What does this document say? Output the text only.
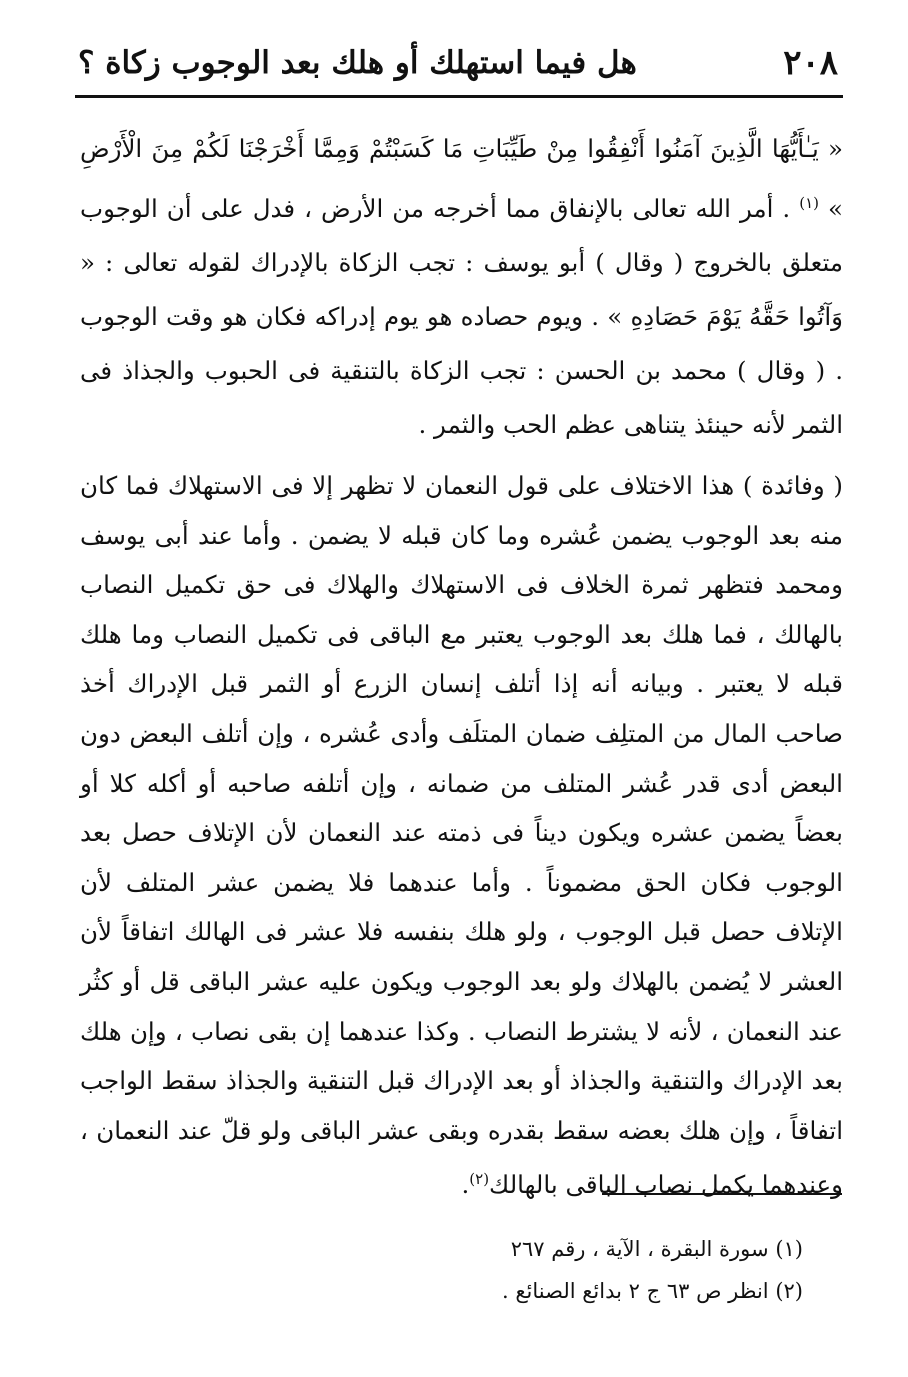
٢٠٨
هل فيما استهلك أو هلك بعد الوجوب زكاة ؟

« يَـٰأَيُّهَا الَّذِينَ آمَنُوا أَنْفِقُوا مِنْ طَيِّبَاتِ مَا كَسَبْتُمْ وَمِمَّا أَخْرَجْنَا لَكُمْ مِنَ الْأَرْضِ » $^{(١)}$ . أمر الله تعالى بالإنفاق مما أخرجه من الأرض ، فدل على أن الوجوب متعلق بالخروج ( وقال ) أبو يوسف : تجب الزكاة بالإدراك لقوله تعالى : « وَآتُوا حَقَّهُ يَوْمَ حَصَادِهِ » . ويوم حصاده هو يوم إدراكه فكان هو وقت الوجوب . ( وقال ) محمد بن الحسن : تجب الزكاة بالتنقية فى الحبوب والجذاذ فى الثمر لأنه حينئذ يتناهى عظم الحب والثمر .

( وفائدة ) هذا الاختلاف على قول النعمان لا تظهر إلا فى الاستهلاك فما كان منه بعد الوجوب يضمن عُشره وما كان قبله لا يضمن . وأما عند أبى يوسف ومحمد فتظهر ثمرة الخلاف فى الاستهلاك والهلاك فى حق تكميل النصاب بالهالك ، فما هلك بعد الوجوب يعتبر مع الباقى فى تكميل النصاب وما هلك قبله لا يعتبر . وبيانه أنه إذا أتلف إنسان الزرع أو الثمر قبل الإدراك أخذ صاحب المال من المتلِف ضمان المتلَف وأدى عُشره ، وإن أتلف البعض دون البعض أدى قدر عُشر المتلف من ضمانه ، وإن أتلفه صاحبه أو أكله كلا أو بعضاً يضمن عشره ويكون ديناً فى ذمته عند النعمان لأن الإتلاف حصل بعد الوجوب فكان الحق مضموناً . وأما عندهما فلا يضمن عشر المتلف لأن الإتلاف حصل قبل الوجوب ، ولو هلك بنفسه فلا عشر فى الهالك اتفاقاً لأن العشر لا يُضمن بالهلاك ولو بعد الوجوب ويكون عليه عشر الباقى قل أو كثُر عند النعمان ، لأنه لا يشترط النصاب . وكذا عندهما إن بقى نصاب ، وإن هلك بعد الإدراك والتنقية والجذاذ أو بعد الإدراك قبل التنقية والجذاذ سقط الواجب اتفاقاً ، وإن هلك بعضه سقط بقدره وبقى عشر الباقى ولو قلّ عند النعمان ، وعندهما يكمل نصاب الباقى بالهالك$^{(٢)}$.

(١) سورة البقرة ، الآية ، رقم ٢٦٧

(٢) انظر ص ٦٣ ج ٢ بدائع الصنائع .
